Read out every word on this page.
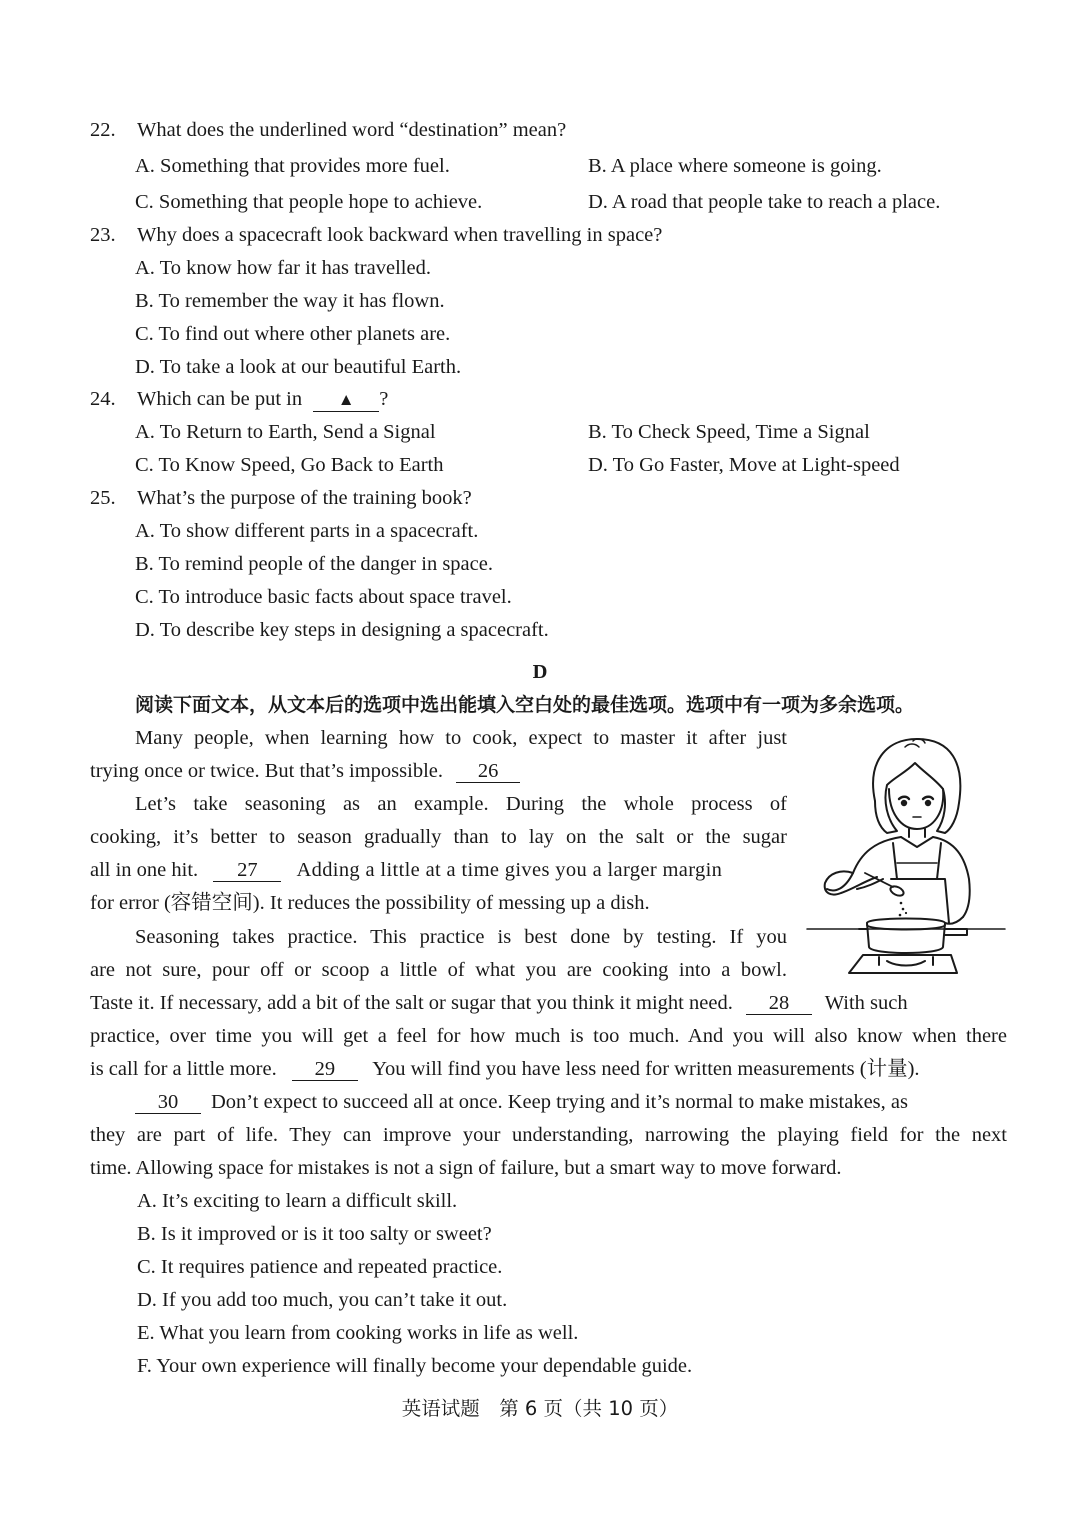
22. What does the underlined word “destination” mean?
A. Something that provides more fuel.	B. A place where someone is going.
C. Something that people hope to achieve.	D. A road that people take to reach a place.
23. Why does a spacecraft look backward when travelling in space?
A. To know how far it has travelled.
B. To remember the way it has flown.
C. To find out where other planets are.
D. To take a look at our beautiful Earth.
24. Which can be put in ▲ ?
A. To Return to Earth, Send a Signal	B. To Check Speed, Time a Signal
C. To Know Speed, Go Back to Earth	D. To Go Faster, Move at Light-speed
25. What’s the purpose of the training book?
A. To show different parts in a spacecraft.
B. To remind people of the danger in space.
C. To introduce basic facts about space travel.
D. To describe key steps in designing a spacecraft.
D
阅读下面文本，从文本后的选项中选出能填入空白处的最佳选项。选项中有一项为多余选项。
Many people, when learning how to cook, expect to master it after just
trying once or twice. But that’s impossible. 26
Let’s take seasoning as an example. During the whole process of
cooking, it’s better to season gradually than to lay on the salt or the sugar
all in one hit. 27 Adding a little at a time gives you a larger margin
for error (容错空间). It reduces the possibility of messing up a dish.
Seasoning takes practice. This practice is best done by testing. If you
are not sure, pour off or scoop a little of what you are cooking into a bowl.
Taste it. If necessary, add a bit of the salt or sugar that you think it might need. 28 With such
practice, over time you will get a feel for how much is too much. And you will also know when there
is call for a little more. 29 You will find you have less need for written measurements (计量).
30 Don’t expect to succeed all at once. Keep trying and it’s normal to make mistakes, as
they are part of life. They can improve your understanding, narrowing the playing field for the next
time. Allowing space for mistakes is not a sign of failure, but a smart way to move forward.
A. It’s exciting to learn a difficult skill.
B. Is it improved or is it too salty or sweet?
C. It requires patience and repeated practice.
D. If you add too much, you can’t take it out.
E. What you learn from cooking works in life as well.
F. Your own experience will finally become your dependable guide.
英语试题　第 6 页（共 10 页）
